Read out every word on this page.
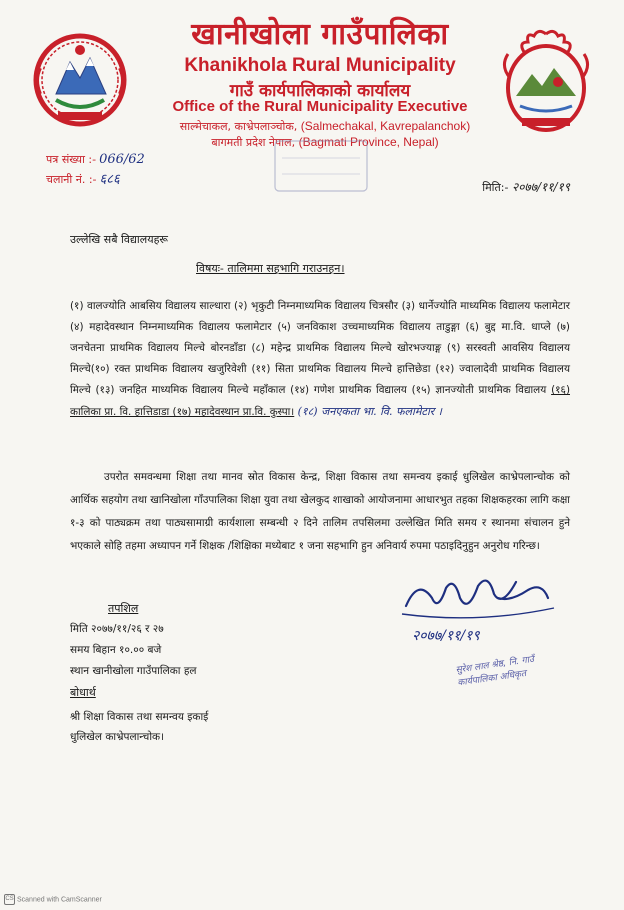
खानीखोला गाउँपालिका
Khanikhola Rural Municipality
गाउँ कार्यपालिकाको कार्यालय
Office of the Rural Municipality Executive
साल्मेचाकल, काभ्रेपलाञ्चोक, (Salmechakal, Kavrepalanchok)
बागमती प्रदेश नेपाल, (Bagmati Province, Nepal)
पत्र संख्या :- 066/62
चलानी नं. :- ६८६
मिति:- २०७७/११/१९
उल्लेखि सबै विद्यालयहरू
विषयः- तालिममा सहभागि गराउनहन।
(१) वालज्योति आबसिय विद्यालय साल्धारा (२) भृकुटी निम्नमाध्यमिक विद्यालय चित्रसौर (३) धार्नेज्योति माध्यमिक विद्यालय फलामेटार (४) महादेवस्थान निम्नमाध्यमिक विद्यालय फलामेटार (५) जनविकाश उच्चमाध्यमिक विद्यालय ताडुङ्गा (६) बुद्द मा.वि. धाप्ले (७) जनचेतना प्राथमिक विद्यालय मिल्चे बोरनडाँडा (८) महेन्द्र प्राथमिक विद्यालय मिल्चे खोरभज्याङ्ग (९) सरस्वती आवसिय विद्यालय मिल्चे(१०) रक्त प्राथमिक विद्यालय खजुरिवेशी (११) सिता प्राथमिक विद्यालय मिल्चे हात्तिछेडा (१२) ज्वालादेवी प्राथमिक विद्यालय मिल्चे (१३) जनहित माध्यमिक विद्यालय मिल्चे महाँकाल (१४) गणेश प्राथमिक विद्यालय (१५) ज्ञानज्योती प्राथमिक विद्यालय (१६) कालिका प्रा. वि. हात्तिडाडा (१७) महादेवस्थान प्रा.वि. कुस्पा। (१८) जनएकता भा. वि. फलामेटार ।
उपरोत समवन्धमा शिक्षा तथा मानव स्रोत विकास केन्द्र, शिक्षा विकास तथा समन्वय इकाई धुलिखेल काभ्रेपलान्चोक को आर्थिक सहयोग तथा खानिखोला गाँउपालिका शिक्षा युवा तथा खेलकुद शाखाको आयोजनामा आधारभुत तहका शिक्षकहरका लागि कक्षा १-३ को पाठ्यक्रम तथा पाठ्यसामाग्री कार्यशाला सम्बन्धी २ दिने तालिम तपसिलमा उल्लेखित मिति समय र स्थानमा संचालन हुने भएकाले सोहि तहमा अध्यापन गर्ने शिक्षक /शिक्षिका मध्येबाट १ जना सहभागि हुन अनिवार्य रुपमा पठाइदिनुहुन अनुरोध गरिन्छ।
तपशिल
मिति २०७७/११/२६ र २७
समय बिहान १०.०० बजे
स्थान खानीखोला गाउँपालिका हल
बोधार्थ
श्री शिक्षा विकास तथा समन्वय इकाई
धुलिखेल काभ्रेपलान्चोक।
२०७७/११/१९
सुरेश लाल श्रेष्ठ, नि. गाउँ कार्यपालिका अधिकृत
CS Scanned with CamScanner
